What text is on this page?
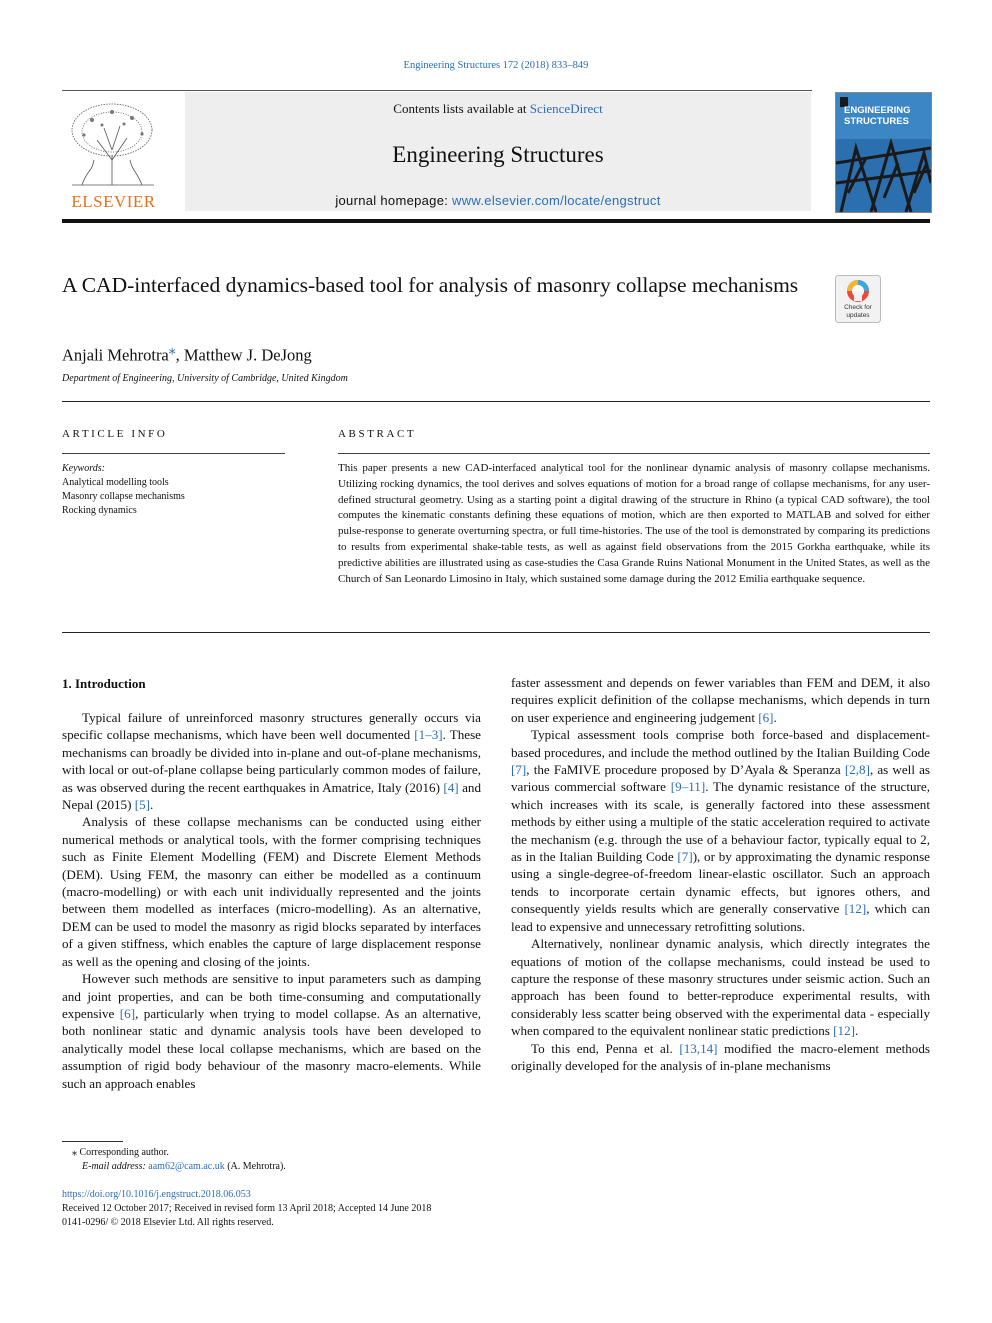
Engineering Structures 172 (2018) 833–849
ELSEVIER
Contents lists available at ScienceDirect
Engineering Structures
journal homepage: www.elsevier.com/locate/engstruct
ENGINEERING
STRUCTURES
A CAD-interfaced dynamics-based tool for analysis of masonry collapse mechanisms
Check for
updates
Anjali Mehrotra⁎, Matthew J. DeJong
Department of Engineering, University of Cambridge, United Kingdom
ARTICLE INFO	ABSTRACT
Keywords:
Analytical modelling tools
Masonry collapse mechanisms
Rocking dynamics
This paper presents a new CAD-interfaced analytical tool for the nonlinear dynamic analysis of masonry collapse mechanisms. Utilizing rocking dynamics, the tool derives and solves equations of motion for a broad range of collapse mechanisms, for any user-defined structural geometry. Using as a starting point a digital drawing of the structure in Rhino (a typical CAD software), the tool computes the kinematic constants defining these equations of motion, which are then exported to MATLAB and solved for either pulse-response to generate overturning spectra, or full time-histories. The use of the tool is demonstrated by comparing its predictions to results from experimental shake-table tests, as well as against field observations from the 2015 Gorkha earthquake, while its predictive abilities are illustrated using as case-studies the Casa Grande Ruins National Monument in the United States, as well as the Church of San Leonardo Limosino in Italy, which sustained some damage during the 2012 Emilia earthquake sequence.
1. Introduction

Typical failure of unreinforced masonry structures generally occurs via specific collapse mechanisms, which have been well documented [1–3]. These mechanisms can broadly be divided into in-plane and out-of-plane mechanisms, with local or out-of-plane collapse being particularly common modes of failure, as was observed during the recent earthquakes in Amatrice, Italy (2016) [4] and Nepal (2015) [5].

Analysis of these collapse mechanisms can be conducted using either numerical methods or analytical tools, with the former comprising techniques such as Finite Element Modelling (FEM) and Discrete Element Methods (DEM). Using FEM, the masonry can either be modelled as a continuum (macro-modelling) or with each unit individually represented and the joints between them modelled as interfaces (micro-modelling). As an alternative, DEM can be used to model the masonry as rigid blocks separated by interfaces of a given stiffness, which enables the capture of large displacement response as well as the opening and closing of the joints.

However such methods are sensitive to input parameters such as damping and joint properties, and can be both time-consuming and computationally expensive [6], particularly when trying to model collapse. As an alternative, both nonlinear static and dynamic analysis tools have been developed to analytically model these local collapse mechanisms, which are based on the assumption of rigid body behaviour of the masonry macro-elements. While such an approach enables

faster assessment and depends on fewer variables than FEM and DEM, it also requires explicit definition of the collapse mechanisms, which depends in turn on user experience and engineering judgement [6].

Typical assessment tools comprise both force-based and displacement-based procedures, and include the method outlined by the Italian Building Code [7], the FaMIVE procedure proposed by D’Ayala & Speranza [2,8], as well as various commercial software [9–11]. The dynamic resistance of the structure, which increases with its scale, is generally factored into these assessment methods by either using a multiple of the static acceleration required to activate the mechanism (e.g. through the use of a behaviour factor, typically equal to 2, as in the Italian Building Code [7]), or by approximating the dynamic response using a single-degree-of-freedom linear-elastic oscillator. Such an approach tends to incorporate certain dynamic effects, but ignores others, and consequently yields results which are generally conservative [12], which can lead to expensive and unnecessary retrofitting solutions.

Alternatively, nonlinear dynamic analysis, which directly integrates the equations of motion of the collapse mechanisms, could instead be used to capture the response of these masonry structures under seismic action. Such an approach has been found to better-reproduce experimental results, with considerably less scatter being observed with the experimental data - especially when compared to the equivalent nonlinear static predictions [12].

To this end, Penna et al. [13,14] modified the macro-element methods originally developed for the analysis of in-plane mechanisms

⁎ Corresponding author.
E-mail address: aam62@cam.ac.uk (A. Mehrotra).
https://doi.org/10.1016/j.engstruct.2018.06.053
Received 12 October 2017; Received in revised form 13 April 2018; Accepted 14 June 2018
0141-0296/ © 2018 Elsevier Ltd. All rights reserved.
